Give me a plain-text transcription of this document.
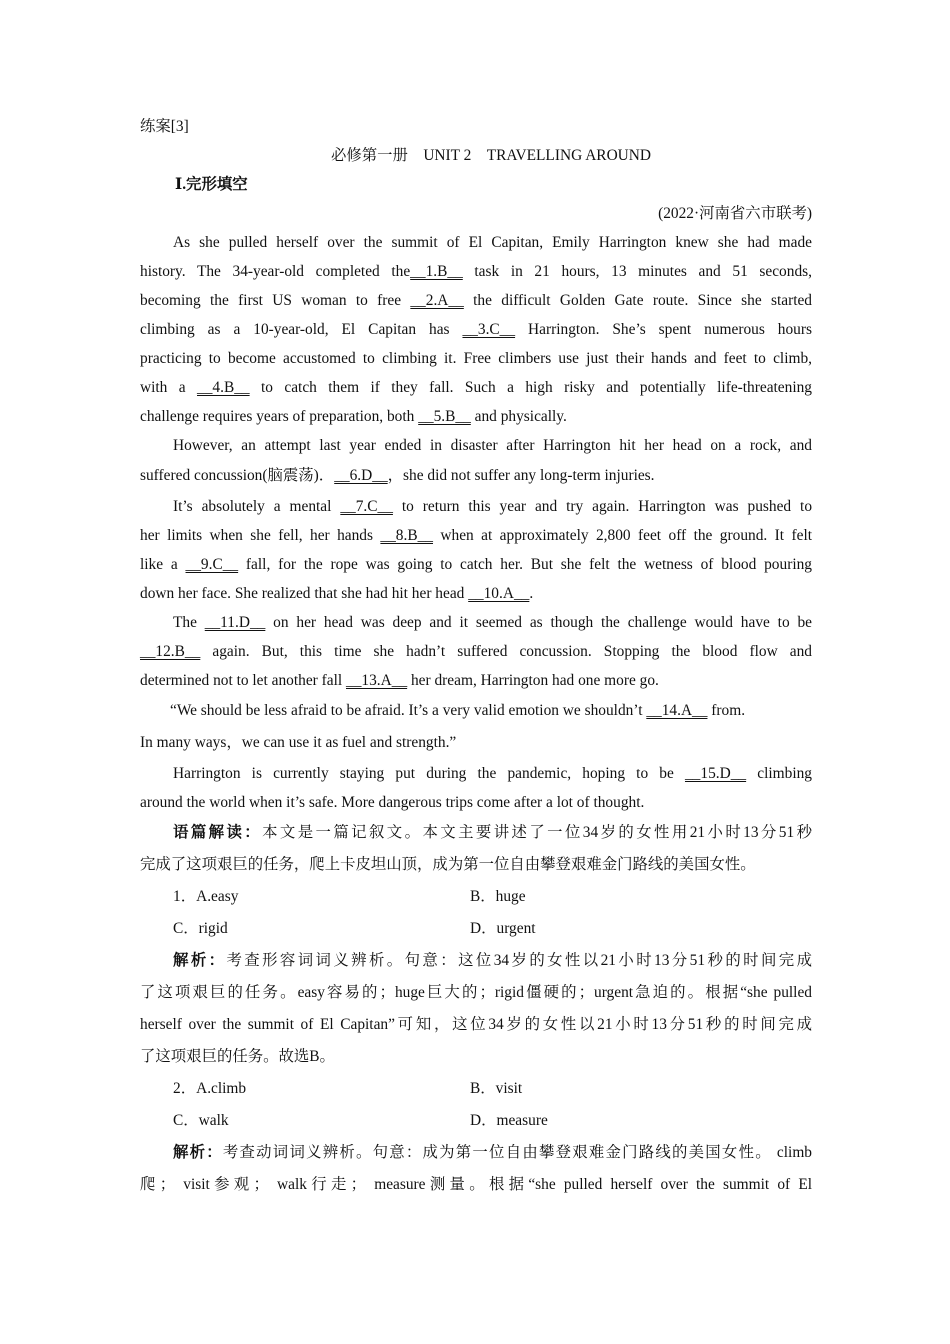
练案[3]
必修第一册　UNIT 2　TRAVELLING AROUND
Ⅰ.完形填空
(2022·河南省六市联考)
As she pulled herself over the summit of El Capitan, Emily Harrington knew she had made
history. The 34-year-old completed the__1.B__ task in 21 hours, 13 minutes and 51 seconds,
becoming the first US woman to free __2.A__ the difficult Golden Gate route. Since she started
climbing as a 10-year-old, El Capitan has __3.C__ Harrington. She’s spent numerous hours
practicing to become accustomed to climbing it. Free climbers use just their hands and feet to climb,
with a __4.B__ to catch them if they fall. Such a high risky and potentially life-threatening
challenge requires years of preparation, both __5.B__ and physically.
However, an attempt last year ended in disaster after Harrington hit her head on a rock, and
suffered concussion(脑震荡)．__6.D__，she did not suffer any long-term injuries.
It’s absolutely a mental __7.C__ to return this year and try again. Harrington was pushed to
her limits when she fell, her hands __8.B__ when at approximately 2,800 feet off the ground. It felt
like a __9.C__ fall, for the rope was going to catch her. But she felt the wetness of blood pouring
down her face. She realized that she had hit her head __10.A__.
The __11.D__ on her head was deep and it seemed as though the challenge would have to be
__12.B__ again. But, this time she hadn’t suffered concussion. Stopping the blood flow and
determined not to let another fall __13.A__ her dream, Harrington had one more go.
“We should be less afraid to be afraid. It’s a very valid emotion we shouldn’t __14.A__ from.
In many ways，we can use it as fuel and strength.”
Harrington is currently staying put during the pandemic, hoping to be __15.D__ climbing
around the world when it’s safe. More dangerous trips come after a lot of thought.
语篇解读：本文是一篇记叙文。本文主要讲述了一位34岁的女性用21小时13分51秒
完成了这项艰巨的任务，爬上卡皮坦山顶，成为第一位自由攀登艰难金门路线的美国女性。
1．A.easy	B．huge
C．rigid	D．urgent
解析：考查形容词词义辨析。句意：这位34岁的女性以21小时13分51秒的时间完成
了这项艰巨的任务。easy容易的；huge巨大的；rigid僵硬的；urgent急迫的。根据“she pulled
herself over the summit of El Capitan”可知，这位34岁的女性以21小时13分51秒的时间完成
了这项艰巨的任务。故选B。
2．A.climb	B．visit
C．walk	D．measure
解析：考查动词词义辨析。句意：成为第一位自由攀登艰难金门路线的美国女性。 climb
爬； visit参观； walk行走； measure测量。根据“she pulled herself over the summit of El
